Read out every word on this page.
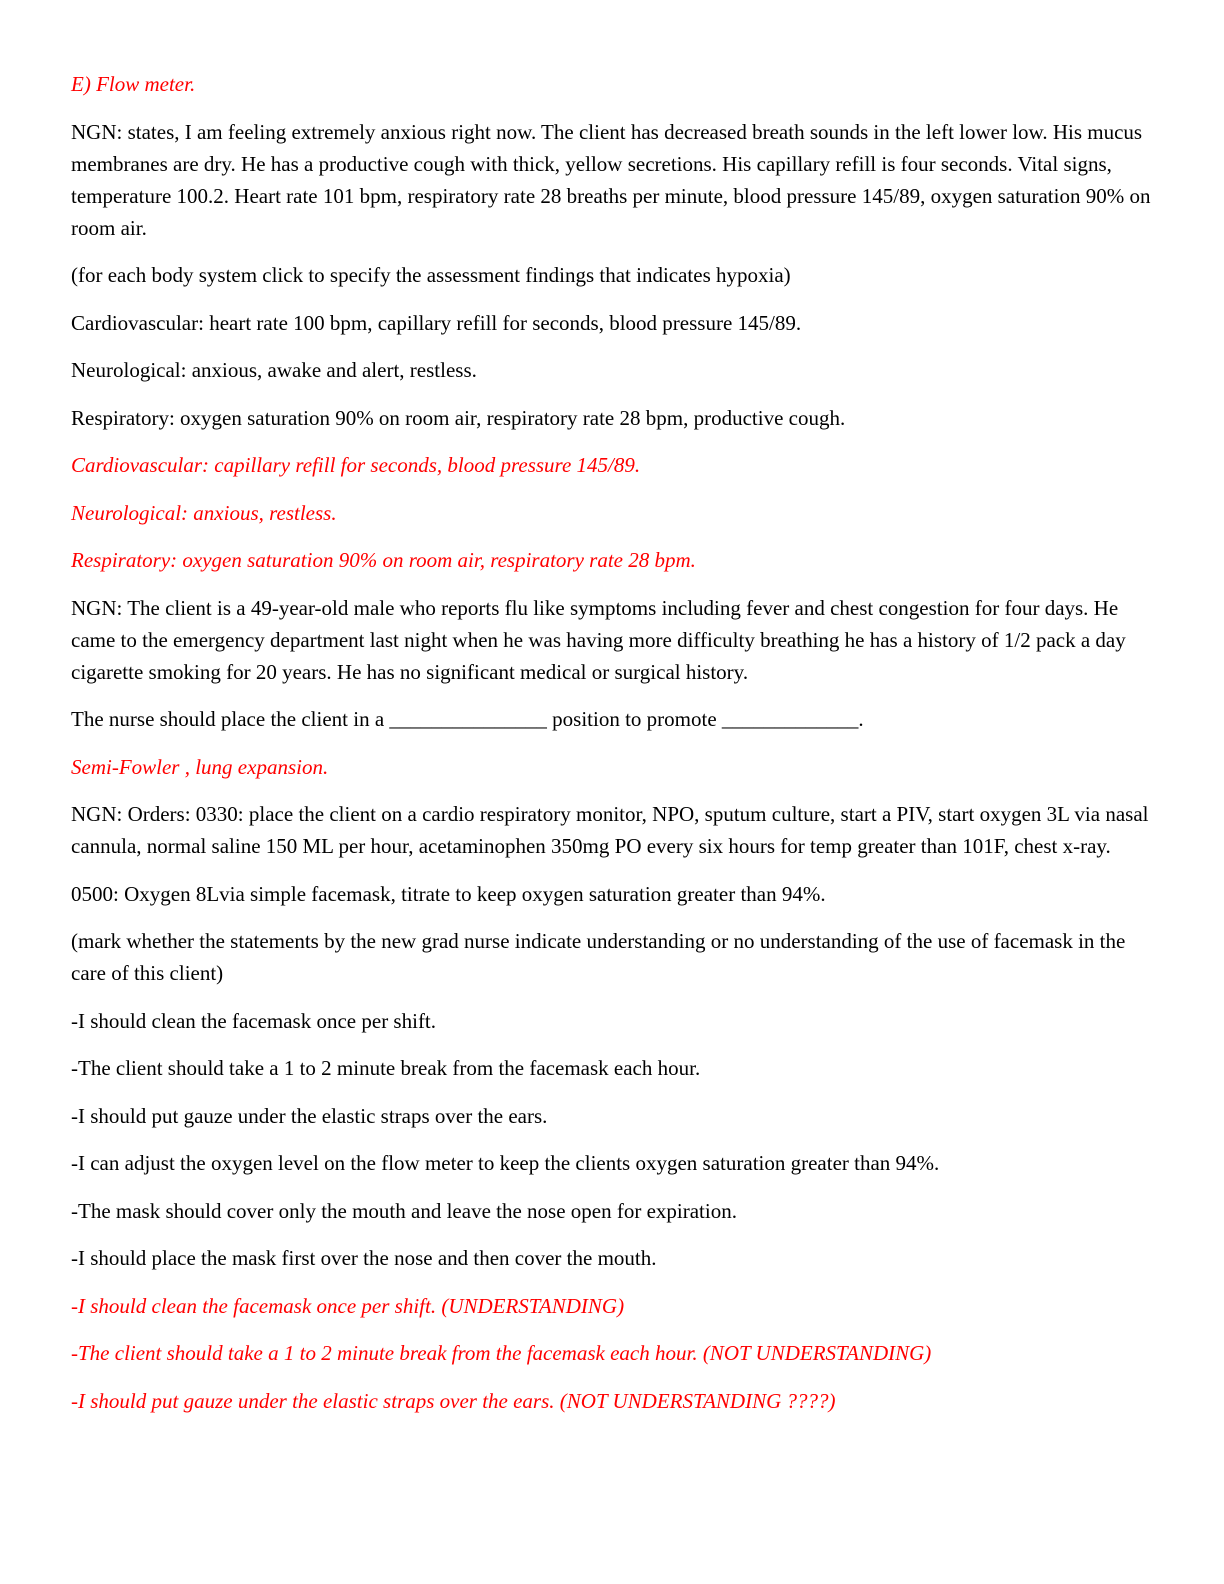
E) Flow meter.

NGN: states, I am feeling extremely anxious right now. The client has decreased breath sounds in the left lower low. His mucus membranes are dry. He has a productive cough with thick, yellow secretions. His capillary refill is four seconds. Vital signs, temperature 100.2. Heart rate 101 bpm, respiratory rate 28 breaths per minute, blood pressure 145/89, oxygen saturation 90% on room air.

(for each body system click to specify the assessment findings that indicates hypoxia)

Cardiovascular: heart rate 100 bpm, capillary refill for seconds, blood pressure 145/89.

Neurological: anxious, awake and alert, restless.

Respiratory: oxygen saturation 90% on room air, respiratory rate 28 bpm, productive cough.

Cardiovascular: capillary refill for seconds, blood pressure 145/89.

Neurological: anxious, restless.

Respiratory: oxygen saturation 90% on room air, respiratory rate 28 bpm.

NGN: The client is a 49-year-old male who reports flu like symptoms including fever and chest congestion for four days. He came to the emergency department last night when he was having more difficulty breathing he has a history of 1/2 pack a day cigarette smoking for 20 years. He has no significant medical or surgical history.

The nurse should place the client in a _______________ position to promote _____________.

Semi-Fowler , lung expansion.

NGN: Orders: 0330: place the client on a cardio respiratory monitor, NPO, sputum culture, start a PIV, start oxygen 3L via nasal cannula, normal saline 150 ML per hour, acetaminophen 350mg PO every six hours for temp greater than 101F, chest x-ray.

0500: Oxygen 8Lvia simple facemask, titrate to keep oxygen saturation greater than 94%.

(mark whether the statements by the new grad nurse indicate understanding or no understanding of the use of facemask in the care of this client)

-I should clean the facemask once per shift.

-The client should take a 1 to 2 minute break from the facemask each hour.

-I should put gauze under the elastic straps over the ears.

-I can adjust the oxygen level on the flow meter to keep the clients oxygen saturation greater than 94%.

-The mask should cover only the mouth and leave the nose open for expiration.

-I should place the mask first over the nose and then cover the mouth.

-I should clean the facemask once per shift. (UNDERSTANDING)

-The client should take a 1 to 2 minute break from the facemask each hour. (NOT UNDERSTANDING)

-I should put gauze under the elastic straps over the ears. (NOT UNDERSTANDING ????)
